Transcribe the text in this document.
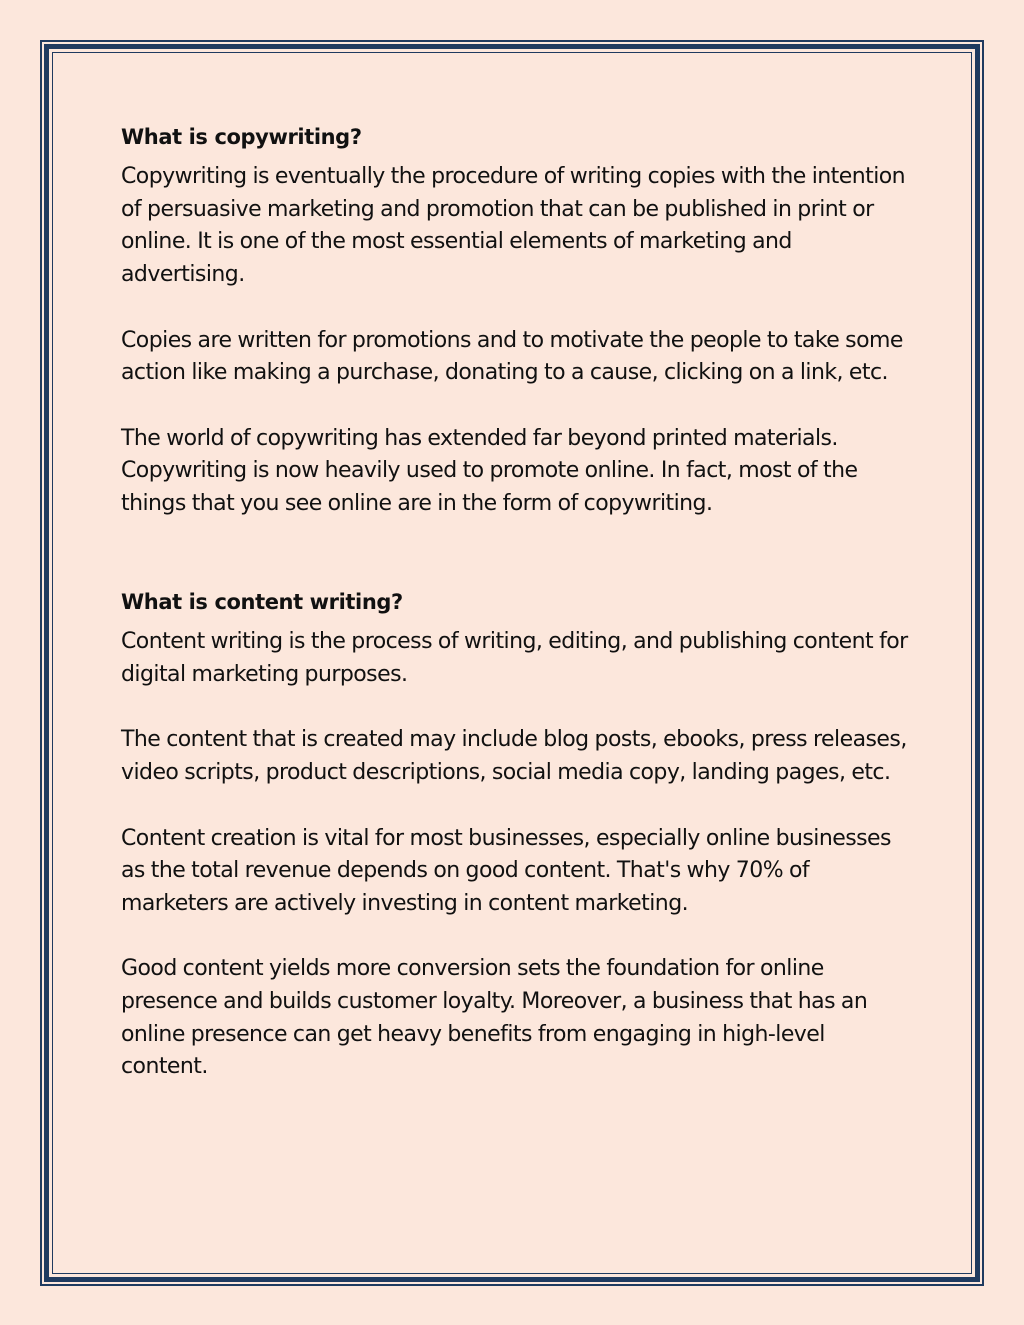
What is copywriting?

Copywriting is eventually the procedure of writing copies with the intention of persuasive marketing and promotion that can be published in print or online. It is one of the most essential elements of marketing and advertising.

Copies are written for promotions and to motivate the people to take some action like making a purchase, donating to a cause, clicking on a link, etc.

The world of copywriting has extended far beyond printed materials. Copywriting is now heavily used to promote online. In fact, most of the things that you see online are in the form of copywriting.

What is content writing?

Content writing is the process of writing, editing, and publishing content for digital marketing purposes.

The content that is created may include blog posts, ebooks, press releases, video scripts, product descriptions, social media copy, landing pages, etc.

Content creation is vital for most businesses, especially online businesses as the total revenue depends on good content. That's why 70% of marketers are actively investing in content marketing.

Good content yields more conversion sets the foundation for online presence and builds customer loyalty. Moreover, a business that has an online presence can get heavy benefits from engaging in high-level content.
